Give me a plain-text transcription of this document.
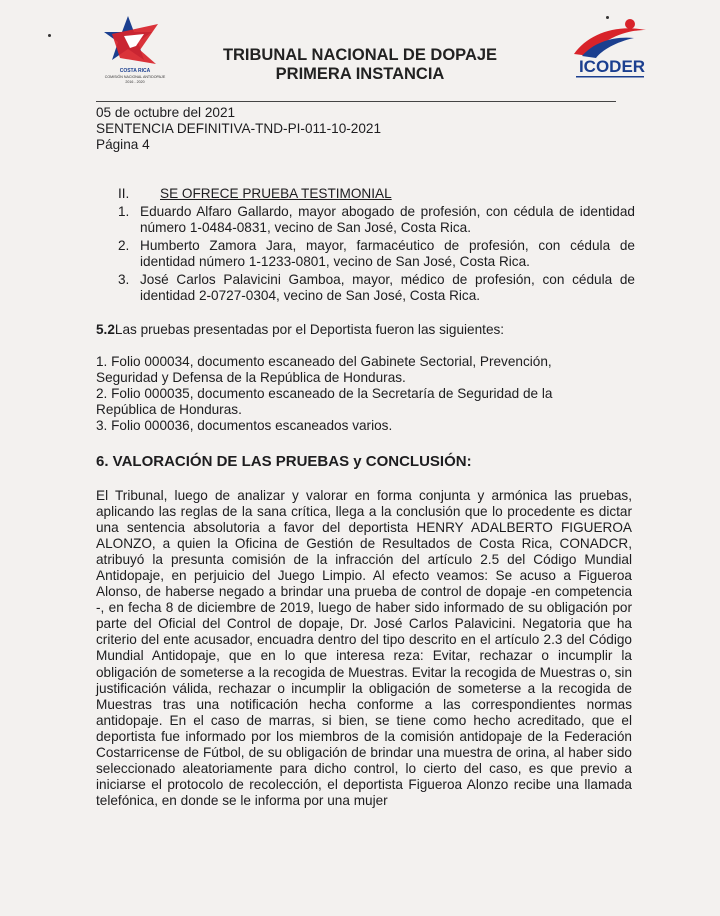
COSTA RICA
COMISIÓN NACIONAL ANTIDOPAJE
2016 - 2020
TRIBUNAL NACIONAL DE DOPAJE
PRIMERA INSTANCIA	ICODER
05 de octubre del 2021
SENTENCIA DEFINITIVA-TND-PI-011-10-2021
Página 4
II. SE OFRECE PRUEBA TESTIMONIAL
1. Eduardo Alfaro Gallardo, mayor abogado de profesión, con cédula de identidad número 1-0484-0831, vecino de San José, Costa Rica.
2. Humberto Zamora Jara, mayor, farmacéutico de profesión, con cédula de identidad número 1-1233-0801, vecino de San José, Costa Rica.
3. José Carlos Palavicini Gamboa, mayor, médico de profesión, con cédula de identidad 2-0727-0304, vecino de San José, Costa Rica.
5.2Las pruebas presentadas por el Deportista fueron las siguientes:
1. Folio 000034, documento escaneado del Gabinete Sectorial, Prevención, Seguridad y Defensa de la República de Honduras.
2. Folio 000035, documento escaneado de la Secretaría de Seguridad de la República de Honduras.
3. Folio 000036, documentos escaneados varios.
6. VALORACIÓN DE LAS PRUEBAS y CONCLUSIÓN:
El Tribunal, luego de analizar y valorar en forma conjunta y armónica las pruebas, aplicando las reglas de la sana crítica, llega a la conclusión que lo procedente es dictar una sentencia absolutoria a favor del deportista HENRY ADALBERTO FIGUEROA ALONZO, a quien la Oficina de Gestión de Resultados de Costa Rica, CONADCR, atribuyó la presunta comisión de la infracción del artículo 2.5 del Código Mundial Antidopaje, en perjuicio del Juego Limpio. Al efecto veamos: Se acuso a Figueroa Alonso, de haberse negado a brindar una prueba de control de dopaje -en competencia -, en fecha 8 de diciembre de 2019, luego de haber sido informado de su obligación por parte del Oficial del Control de dopaje, Dr. José Carlos Palavicini. Negatoria que ha criterio del ente acusador, encuadra dentro del tipo descrito en el artículo 2.3 del Código Mundial Antidopaje, que en lo que interesa reza: Evitar, rechazar o incumplir la obligación de someterse a la recogida de Muestras. Evitar la recogida de Muestras o, sin justificación válida, rechazar o incumplir la obligación de someterse a la recogida de Muestras tras una notificación hecha conforme a las correspondientes normas antidopaje. En el caso de marras, si bien, se tiene como hecho acreditado, que el deportista fue informado por los miembros de la comisión antidopaje de la Federación Costarricense de Fútbol, de su obligación de brindar una muestra de orina, al haber sido seleccionado aleatoriamente para dicho control, lo cierto del caso, es que previo a iniciarse el protocolo de recolección, el deportista Figueroa Alonzo recibe una llamada telefónica, en donde se le informa por una mujer
